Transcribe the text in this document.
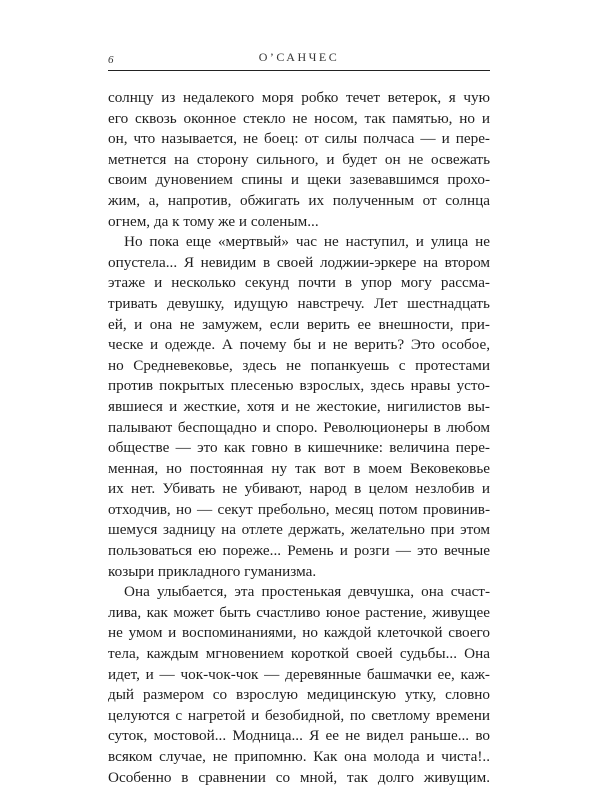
6	О’САНЧЕС
солнцу из недалекого моря робко течет ветерок, я чую
его сквозь оконное стекло не носом, так памятью, но и
он, что называется, не боец: от силы полчаса — и пере-
метнется на сторону сильного, и будет он не освежать
своим дуновением спины и щеки зазевавшимся прохо-
жим, а, напротив, обжигать их полученным от солнца
огнем, да к тому же и соленым...
Но пока еще «мертвый» час не наступил, и улица не
опустела... Я невидим в своей лоджии-эркере на втором
этаже и несколько секунд почти в упор могу рассма-
тривать девушку, идущую навстречу. Лет шестнадцать
ей, и она не замужем, если верить ее внешности, при-
ческе и одежде. А почему бы и не верить? Это особое,
но Средневековье, здесь не попанкуешь с протестами
против покрытых плесенью взрослых, здесь нравы усто-
явшиеся и жесткие, хотя и не жестокие, нигилистов вы-
палывают беспощадно и споро. Революционеры в любом
обществе — это как говно в кишечнике: величина пере-
менная, но постоянная ну так вот в моем Вековековье
их нет. Убивать не убивают, народ в целом незлобив и
отходчив, но — секут пребольно, месяц потом провинив-
шемуся задницу на отлете держать, желательно при этом
пользоваться ею пореже... Ремень и розги — это вечные
козыри прикладного гуманизма.
Она улыбается, эта простенькая девчушка, она счаст-
лива, как может быть счастливо юное растение, живущее
не умом и воспоминаниями, но каждой клеточкой своего
тела, каждым мгновением короткой своей судьбы... Она
идет, и — чок-чок-чок — деревянные башмачки ее, каж-
дый размером со взрослую медицинскую утку, словно
целуются с нагретой и безобидной, по светлому времени
суток, мостовой... Модница... Я ее не видел раньше... во
всяком случае, не припомню. Как она молода и чиста!..
Особенно в сравнении со мной, так долго живущим.
